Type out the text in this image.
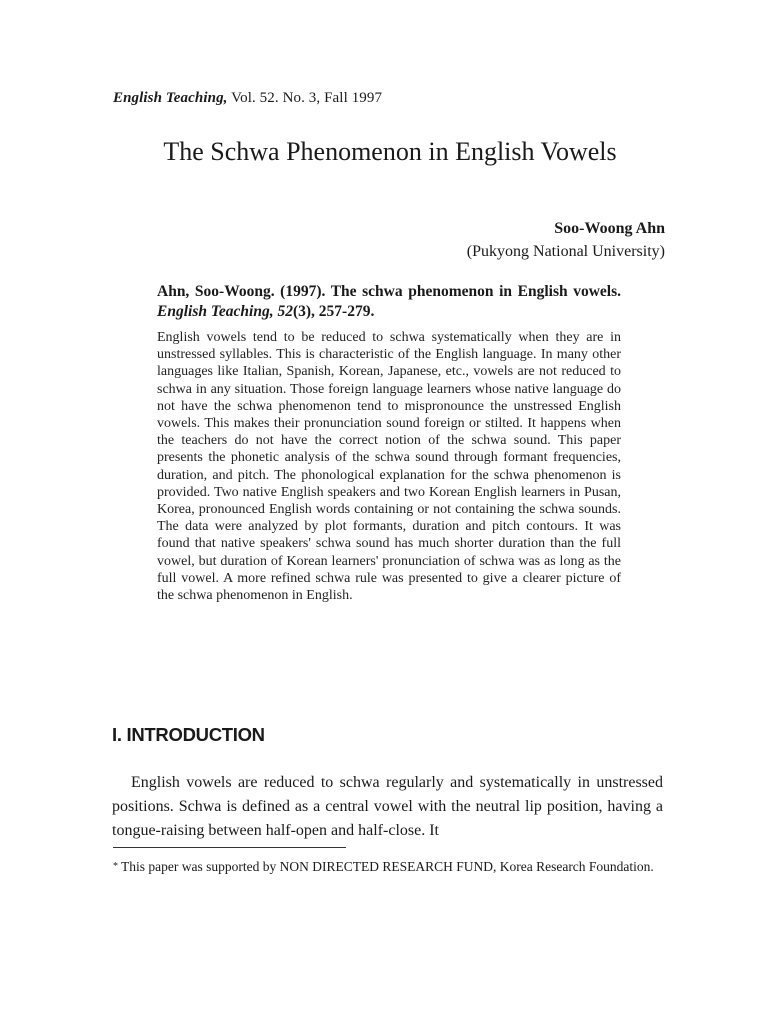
English Teaching, Vol. 52. No. 3, Fall 1997
The Schwa Phenomenon in English Vowels
Soo-Woong Ahn
(Pukyong National University)
Ahn, Soo-Woong. (1997). The schwa phenomenon in English vowels. English Teaching, 52(3), 257-279.

English vowels tend to be reduced to schwa systematically when they are in unstressed syllables. This is characteristic of the English language. In many other languages like Italian, Spanish, Korean, Japanese, etc., vowels are not reduced to schwa in any situation. Those foreign language learners whose native language do not have the schwa phenomenon tend to mispronounce the unstressed English vowels. This makes their pronunciation sound foreign or stilted. It happens when the teachers do not have the correct notion of the schwa sound. This paper presents the phonetic analysis of the schwa sound through formant frequencies, duration, and pitch. The phonological explanation for the schwa phenomenon is provided. Two native English speakers and two Korean English learners in Pusan, Korea, pronounced English words containing or not containing the schwa sounds. The data were analyzed by plot formants, duration and pitch contours. It was found that native speakers' schwa sound has much shorter duration than the full vowel, but duration of Korean learners' pronunciation of schwa was as long as the full vowel. A more refined schwa rule was presented to give a clearer picture of the schwa phenomenon in English.

I. INTRODUCTION

English vowels are reduced to schwa regularly and systematically in unstressed positions. Schwa is defined as a central vowel with the neutral lip position, having a tongue-raising between half-open and half-close. It

* This paper was supported by NON DIRECTED RESEARCH FUND, Korea Research Foundation.
